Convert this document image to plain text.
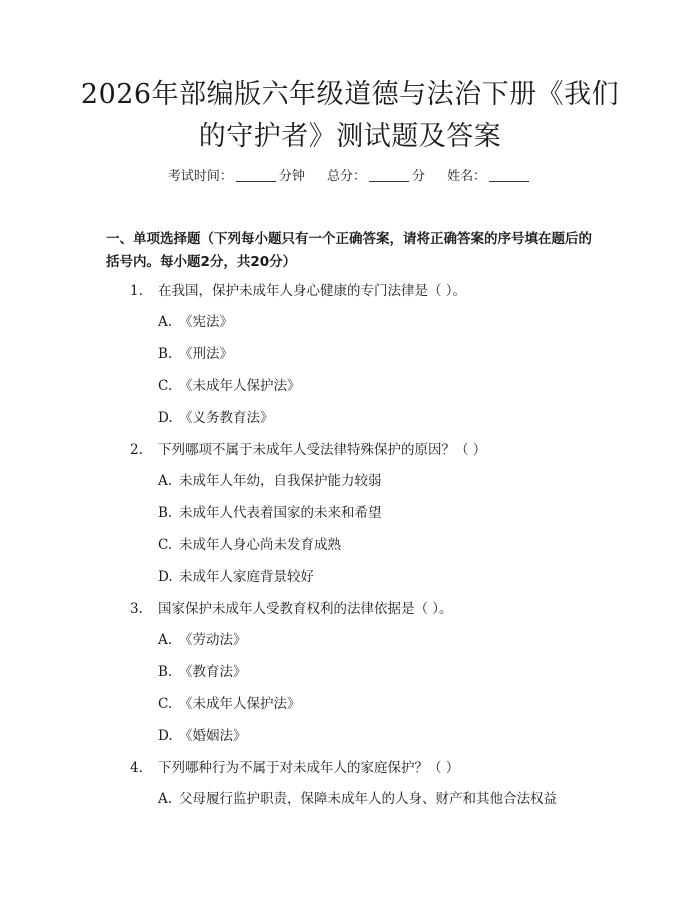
2026年部编版六年级道德与法治下册《我们
的守护者》测试题及答案
考试时间：	分钟 总分：	分 姓名：
一、单项选择题（下列每小题只有一个正确答案，请将正确答案的序号填在题后的括号内。每小题2分，共20分）
1. 在我国，保护未成年人身心健康的专门法律是（ ）。
A. 《宪法》
B. 《刑法》
C. 《未成年人保护法》
D. 《义务教育法》
2. 下列哪项不属于未成年人受法律特殊保护的原因？（ ）
A. 未成年人年幼，自我保护能力较弱
B. 未成年人代表着国家的未来和希望
C. 未成年人身心尚未发育成熟
D. 未成年人家庭背景较好
3. 国家保护未成年人受教育权利的法律依据是（ ）。
A. 《劳动法》
B. 《教育法》
C. 《未成年人保护法》
D. 《婚姻法》
4. 下列哪种行为不属于对未成年人的家庭保护？（ ）
A. 父母履行监护职责，保障未成年人的人身、财产和其他合法权益
